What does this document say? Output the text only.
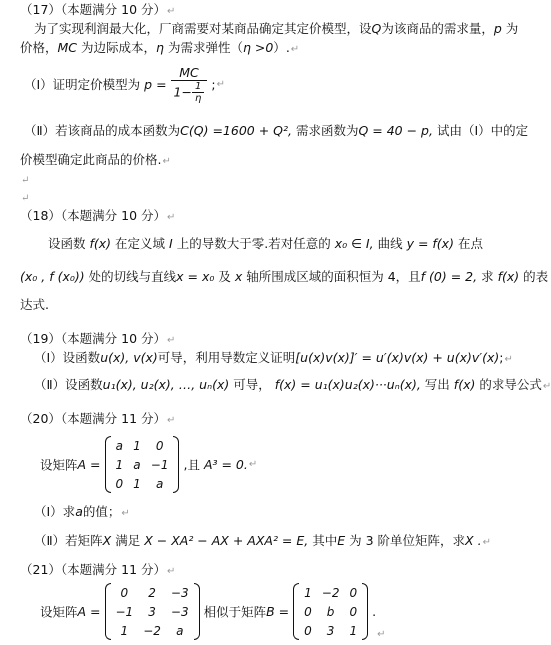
（17）（本题满分 10 分）↵
为了实现利润最大化，厂商需要对某商品确定其定价模型，设Q为该商品的需求量，p 为
价格，MC 为边际成本，η 为需求弹性（η >0）.↵
（Ⅰ）证明定价模型为 $p = \frac{MC}{1- \frac{1}{\eta}}$ ;↵
（Ⅱ）若该商品的成本函数为C(Q) =1600 + Q², 需求函数为Q = 40 − p, 试由（Ⅰ）中的定
价模型确定此商品的价格.↵
↵
↵
（18）（本题满分 10 分）↵
设函数 f(x) 在定义域 I 上的导数大于零.若对任意的 x₀ ∈ I, 曲线 y = f(x) 在点
(x₀ , f (x₀)) 处的切线与直线x = x₀ 及 x 轴所围成区域的面积恒为 4，且f (0) = 2, 求 f(x) 的表
达式.
（19）（本题满分 10 分）↵
（Ⅰ）设函数u(x), v(x)可导，利用导数定义证明[u(x)v(x)]′ = u′(x)v(x) + u(x)v′(x);↵
（Ⅱ）设函数u₁(x), u₂(x), …, uₙ(x) 可导， f(x) = u₁(x)u₂(x)···uₙ(x), 写出 f(x) 的求导公式↵
（20）（本题满分 11 分）↵
设矩阵A =
a	1	0
1	a	−1
0	1	a
,且 A³ = 0.↵
（Ⅰ）求a的值；↵
（Ⅱ）若矩阵X 满足 X − XA² − AX + AXA² = E, 其中E 为 3 阶单位矩阵，求X .↵
（21）（本题满分 11 分）↵
设矩阵A =
0	2	−3
−1	3	−3
1	−2	a
相似于矩阵B =
1	−2	0
0	b	0
0	3	1
.↵
